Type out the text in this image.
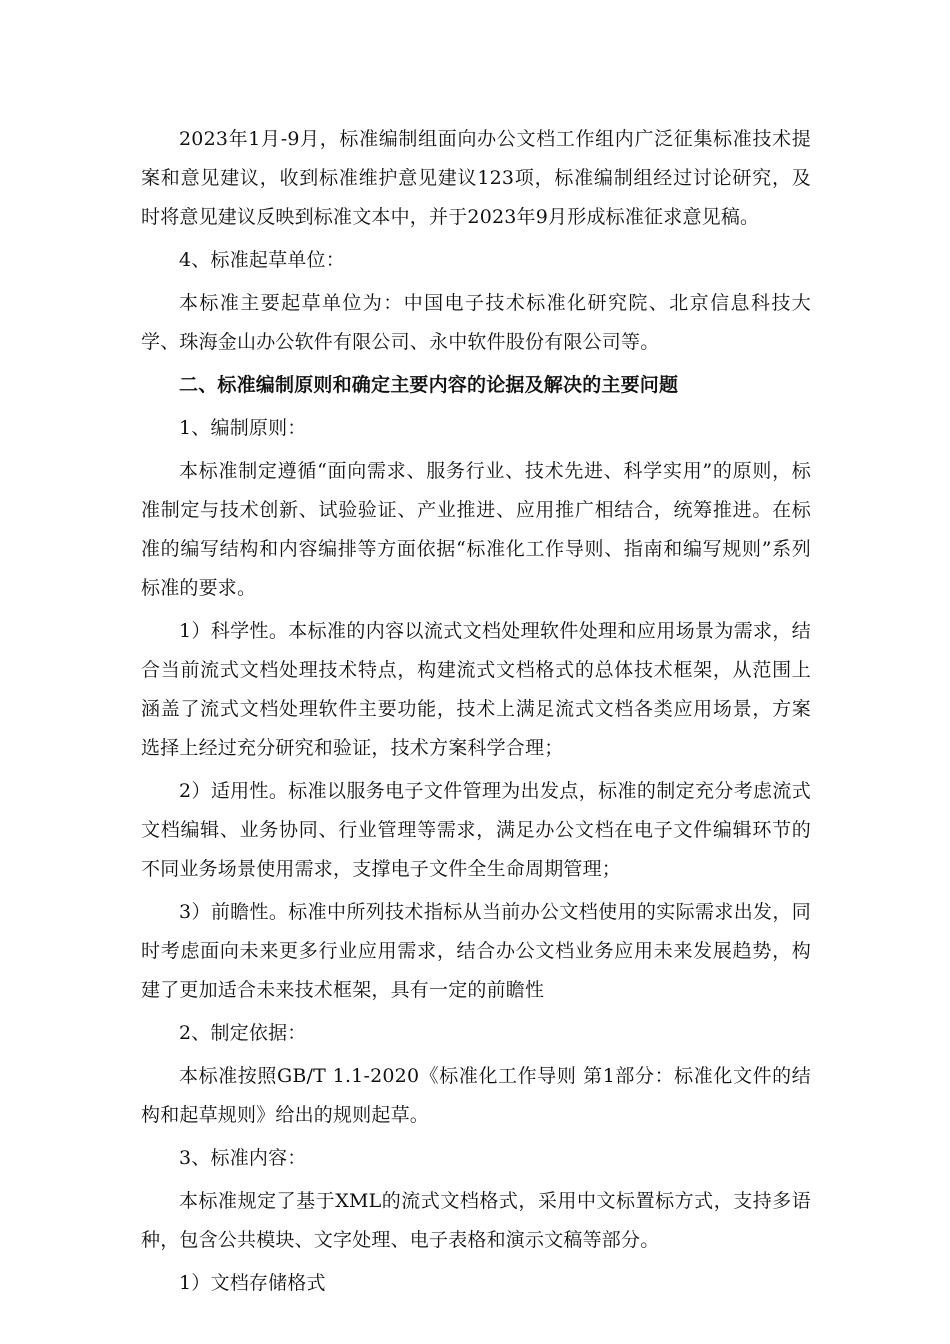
2023年1月-9月，标准编制组面向办公文档工作组内广泛征集标准技术提案和意见建议，收到标准维护意见建议123项，标准编制组经过讨论研究，及时将意见建议反映到标准文本中，并于2023年9月形成标准征求意见稿。

4、标准起草单位：

本标准主要起草单位为：中国电子技术标准化研究院、北京信息科技大学、珠海金山办公软件有限公司、永中软件股份有限公司等。

二、标准编制原则和确定主要内容的论据及解决的主要问题

1、编制原则：

本标准制定遵循“面向需求、服务行业、技术先进、科学实用”的原则，标准制定与技术创新、试验验证、产业推进、应用推广相结合，统筹推进。在标准的编写结构和内容编排等方面依据“标准化工作导则、指南和编写规则”系列标准的要求。

1）科学性。本标准的内容以流式文档处理软件处理和应用场景为需求，结合当前流式文档处理技术特点，构建流式文档格式的总体技术框架，从范围上涵盖了流式文档处理软件主要功能，技术上满足流式文档各类应用场景，方案选择上经过充分研究和验证，技术方案科学合理；

2）适用性。标准以服务电子文件管理为出发点，标准的制定充分考虑流式文档编辑、业务协同、行业管理等需求，满足办公文档在电子文件编辑环节的不同业务场景使用需求，支撑电子文件全生命周期管理；

3）前瞻性。标准中所列技术指标从当前办公文档使用的实际需求出发，同时考虑面向未来更多行业应用需求，结合办公文档业务应用未来发展趋势，构建了更加适合未来技术框架，具有一定的前瞻性

2、制定依据：

本标准按照GB/T 1.1-2020《标准化工作导则 第1部分：标准化文件的结构和起草规则》给出的规则起草。

3、标准内容：

本标准规定了基于XML的流式文档格式，采用中文标置标方式，支持多语种，包含公共模块、文字处理、电子表格和演示文稿等部分。

1）文档存储格式
